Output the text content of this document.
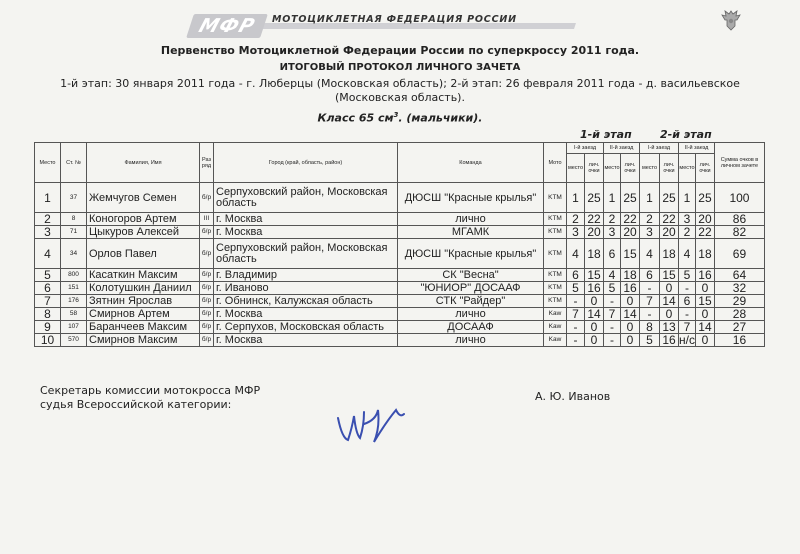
МФР	МОТОЦИКЛЕТНАЯ ФЕДЕРАЦИЯ РОССИИ
Первенство Мотоциклетной Федерации России по суперкроссу 2011 года.
ИТОГОВЫЙ ПРОТОКОЛ ЛИЧНОГО ЗАЧЕТА
1-й этап: 30 января 2011 года - г. Люберцы (Московская область); 2-й этап: 26 февраля 2011 года - д. васильевское (Московская область).
Класс 65 $см^3$. (мальчики).
1-й этап	2-й этап
Место	Ст. №	Фамилия, Имя	Раз ряд	Город (край, область, район)	Команда	Мото	I-й заезд		II-й заезд		I-й заезд		II-й заезд		Сумма очков в личном зачете
							место	лич. очки	место	лич. очки	место	лич. очки	место	лич. очки	
1	37	Жемчугов Семен	б/р	Серпуховский район, Московская область	ДЮСШ "Красные крылья"	KTM	1	25	1	25	1	25	1	25	100
2	8	Коногоров Артем	III	г. Москва	лично	KTM	2	22	2	22	2	22	3	20	86
3	71	Цыкуров Алексей	б/р	г. Москва	МГАМК	KTM	3	20	3	20	3	20	2	22	82
4	34	Орлов Павел	б/р	Серпуховский район, Московская область	ДЮСШ "Красные крылья"	KTM	4	18	6	15	4	18	4	18	69
5	800	Касаткин Максим	б/р	г. Владимир	СК "Весна"	KTM	6	15	4	18	6	15	5	16	64
6	151	Колотушкин Даниил	б/р	г. Иваново	"ЮНИОР" ДОСААФ	KTM	5	16	5	16	-	0	-	0	32
7	176	Зятнин Ярослав	б/р	г. Обнинск, Калужская область	СТК "Райдер"	KTM	-	0	-	0	7	14	6	15	29
8	58	Смирнов Артем	б/р	г. Москва	лично	Kaw	7	14	7	14	-	0	-	0	28
9	107	Баранчеев Максим	б/р	г. Серпухов, Московская область	ДОСААФ	Kaw	-	0	-	0	8	13	7	14	27
10	570	Смирнов Максим	б/р	г. Москва	лично	Kaw	-	0	-	0	5	16	н/с	0	16
Секретарь комиссии мотокросса МФР
судья Всероссийской категории:
А. Ю. Иванов
